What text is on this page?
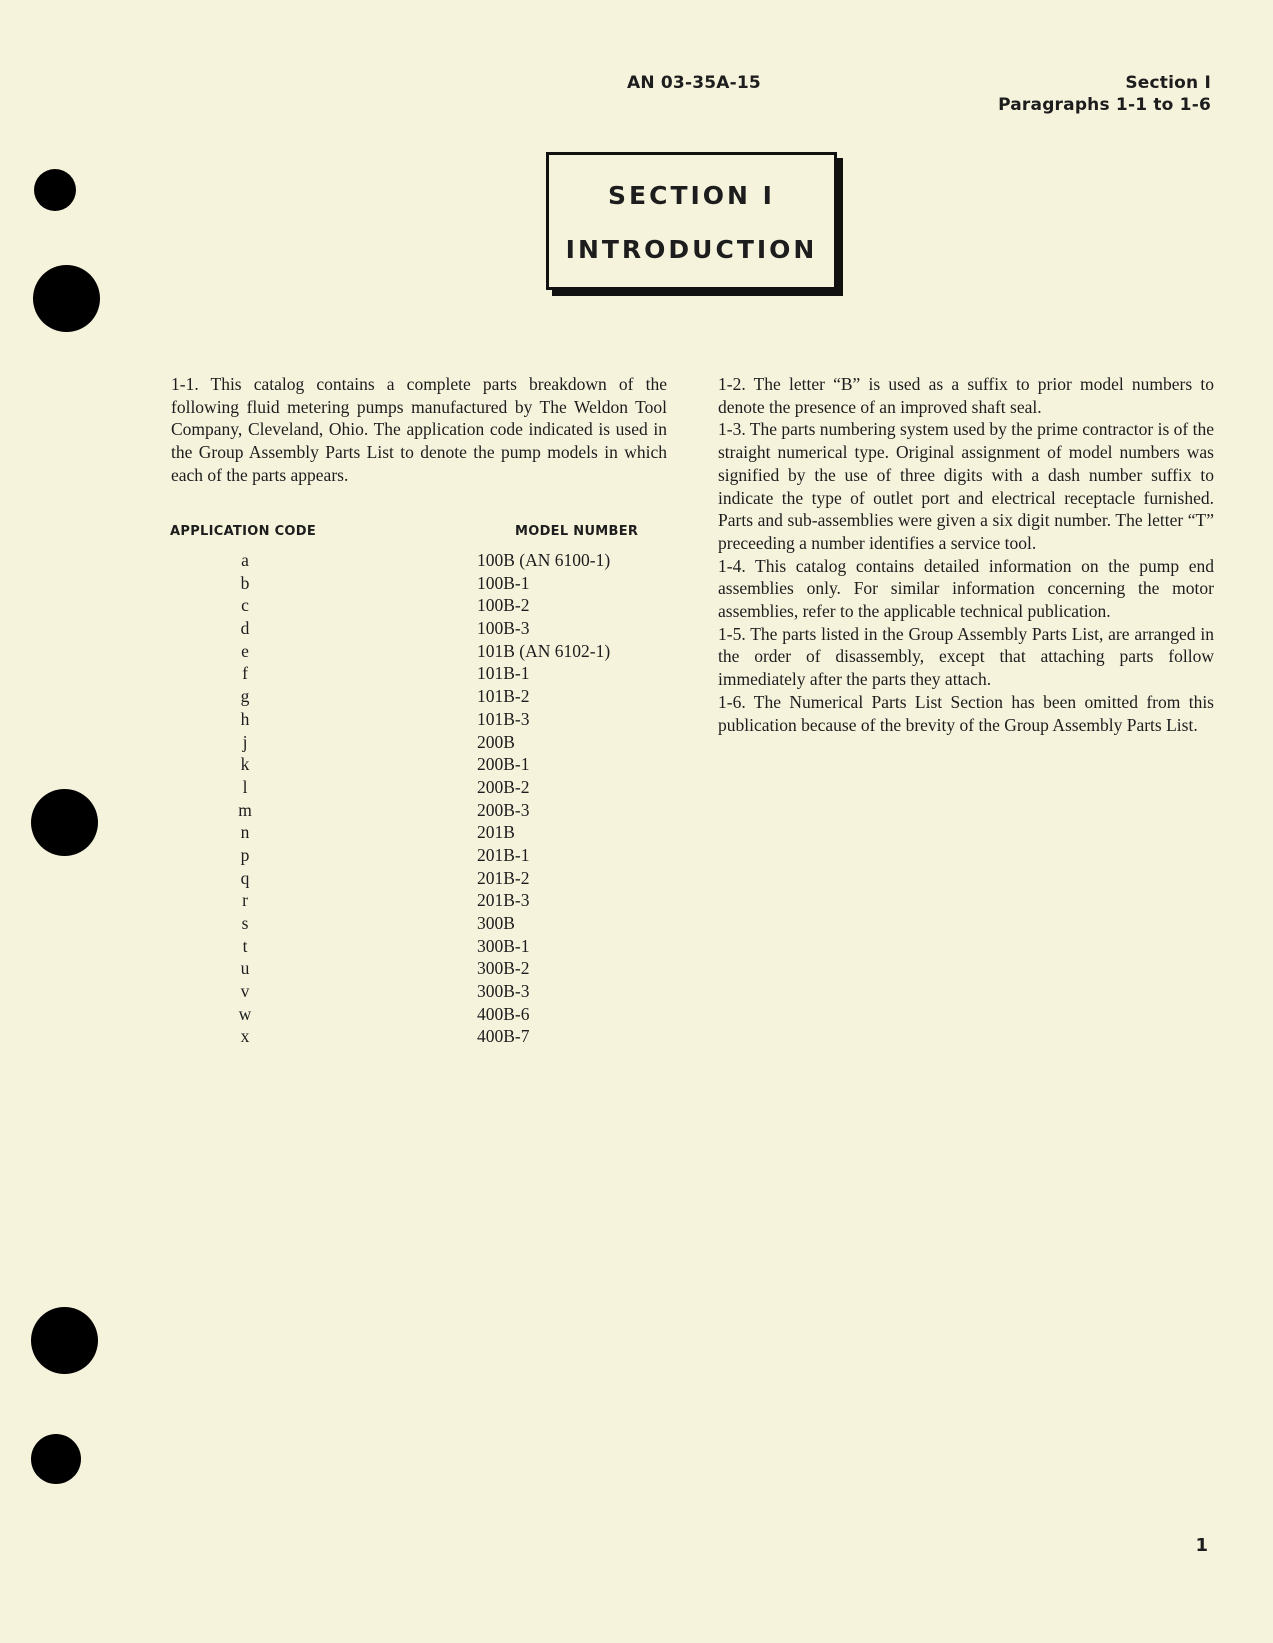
AN 03-35A-15	Section I
Paragraphs 1-1 to 1-6
SECTION I
INTRODUCTION

1-1. This catalog contains a complete parts breakdown of the following fluid metering pumps manufactured by The Weldon Tool Company, Cleveland, Ohio. The application code indicated is used in the Group Assembly Parts List to denote the pump models in which each of the parts appears.

APPLICATION CODE	MODEL NUMBER
a	100B (AN 6100-1)
b	100B-1
c	100B-2
d	100B-3
e	101B (AN 6102-1)
f	101B-1
g	101B-2
h	101B-3
j	200B
k	200B-1
l	200B-2
m	200B-3
n	201B
p	201B-1
q	201B-2
r	201B-3
s	300B
t	300B-1
u	300B-2
v	300B-3
w	400B-6
x	400B-7

1-2. The letter “B” is used as a suffix to prior model numbers to denote the presence of an improved shaft seal.

1-3. The parts numbering system used by the prime contractor is of the straight numerical type. Original assignment of model numbers was signified by the use of three digits with a dash number suffix to indicate the type of outlet port and electrical receptacle furnished. Parts and sub-assemblies were given a six digit number. The letter “T” preceeding a number identifies a service tool.

1-4. This catalog contains detailed information on the pump end assemblies only. For similar information concerning the motor assemblies, refer to the applicable technical publication.

1-5. The parts listed in the Group Assembly Parts List, are arranged in the order of disassembly, except that attaching parts follow immediately after the parts they attach.

1-6. The Numerical Parts List Section has been omitted from this publication because of the brevity of the Group Assembly Parts List.

1
